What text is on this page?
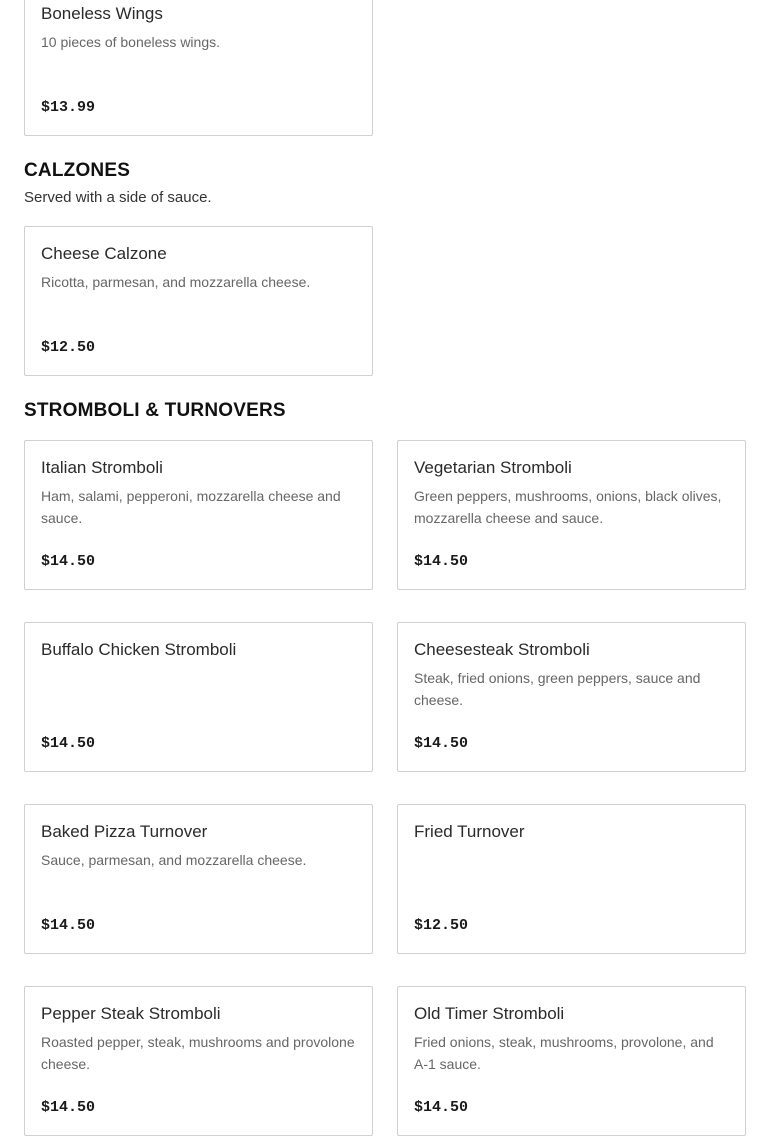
Boneless Wings
10 pieces of boneless wings.
$13.99
CALZONES

Served with a side of sauce.

Cheese Calzone
Ricotta, parmesan, and mozzarella cheese.
$12.50
STROMBOLI & TURNOVERS
Italian Stromboli
Ham, salami, pepperoni, mozzarella cheese and sauce.
$14.50
Vegetarian Stromboli
Green peppers, mushrooms, onions, black olives, mozzarella cheese and sauce.
$14.50
Buffalo Chicken Stromboli
$14.50
Cheesesteak Stromboli
Steak, fried onions, green peppers, sauce and cheese.
$14.50
Baked Pizza Turnover
Sauce, parmesan, and mozzarella cheese.
$14.50
Fried Turnover
$12.50
Pepper Steak Stromboli
Roasted pepper, steak, mushrooms and provolone cheese.
$14.50
Old Timer Stromboli
Fried onions, steak, mushrooms, provolone, and A-1 sauce.
$14.50
